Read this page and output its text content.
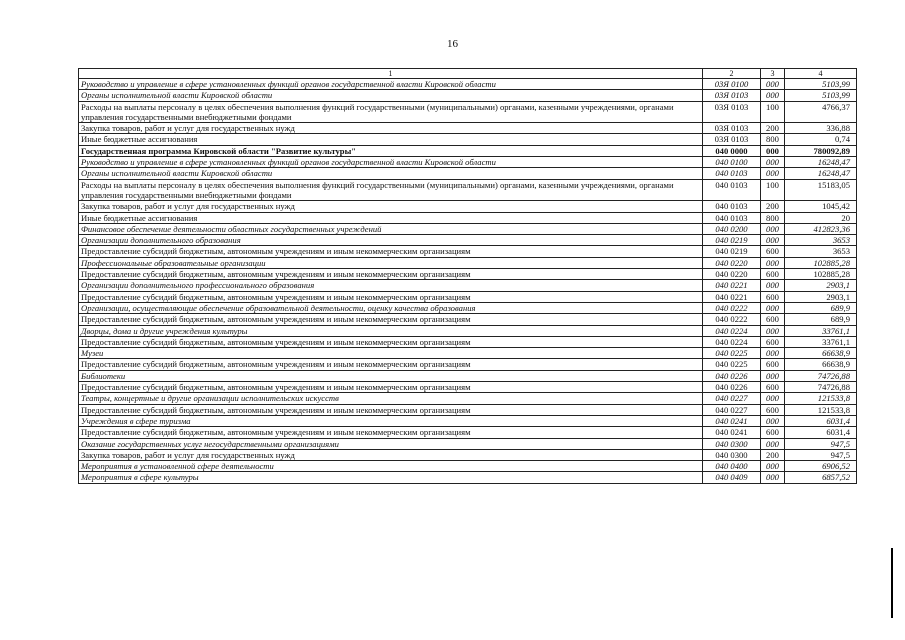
16
1	2	3	4
Руководство и управление в сфере установленных функций органов государственной власти Кировской области	03Я 0100	000	5103,99
Органы исполнительной власти Кировской области	03Я 0103	000	5103,99
Расходы на выплаты персоналу в целях обеспечения выполнения функций государственными (муниципальными) органами, казенными учреждениями, органами управления государственными внебюджетными фондами	03Я 0103	100	4766,37
Закупка товаров, работ и услуг для государственных нужд	03Я 0103	200	336,88
Иные бюджетные ассигнования	03Я 0103	800	0,74
Государственная программа Кировской области "Развитие культуры"	040 0000	000	780092,89
Руководство и управление в сфере установленных функций органов государственной власти Кировской области	040 0100	000	16248,47
Органы исполнительной власти Кировской области	040 0103	000	16248,47
Расходы на выплаты персоналу в целях обеспечения выполнения функций государственными (муниципальными) органами, казенными учреждениями, органами управления государственными внебюджетными фондами	040 0103	100	15183,05
Закупка товаров, работ и услуг для государственных нужд	040 0103	200	1045,42
Иные бюджетные ассигнования	040 0103	800	20
Финансовое обеспечение деятельности областных государственных учреждений	040 0200	000	412823,36
Организации дополнительного образования	040 0219	000	3653
Предоставление субсидий бюджетным, автономным учреждениям и иным некоммерческим организациям	040 0219	600	3653
Профессиональные образовательные организации	040 0220	000	102885,28
Предоставление субсидий бюджетным, автономным учреждениям и иным некоммерческим организациям	040 0220	600	102885,28
Организации дополнительного профессионального образования	040 0221	000	2903,1
Предоставление субсидий бюджетным, автономным учреждениям и иным некоммерческим организациям	040 0221	600	2903,1
Организации, осуществляющие обеспечение образовательной деятельности, оценку качества образования	040 0222	000	689,9
Предоставление субсидий бюджетным, автономным учреждениям и иным некоммерческим организациям	040 0222	600	689,9
Дворцы, дома и другие учреждения культуры	040 0224	000	33761,1
Предоставление субсидий бюджетным, автономным учреждениям и иным некоммерческим организациям	040 0224	600	33761,1
Музеи	040 0225	000	66638,9
Предоставление субсидий бюджетным, автономным учреждениям и иным некоммерческим организациям	040 0225	600	66638,9
Библиотеки	040 0226	000	74726,88
Предоставление субсидий бюджетным, автономным учреждениям и иным некоммерческим организациям	040 0226	600	74726,88
Театры, концертные и другие организации исполнительских искусств	040 0227	000	121533,8
Предоставление субсидий бюджетным, автономным учреждениям и иным некоммерческим организациям	040 0227	600	121533,8
Учреждения в сфере туризма	040 0241	000	6031,4
Предоставление субсидий бюджетным, автономным учреждениям и иным некоммерческим организациям	040 0241	600	6031,4
Оказание государственных услуг негосударственными организациями	040 0300	000	947,5
Закупка товаров, работ и услуг для государственных нужд	040 0300	200	947,5
Мероприятия в установленной сфере деятельности	040 0400	000	6906,52
Мероприятия в сфере культуры	040 0409	000	6857,52
